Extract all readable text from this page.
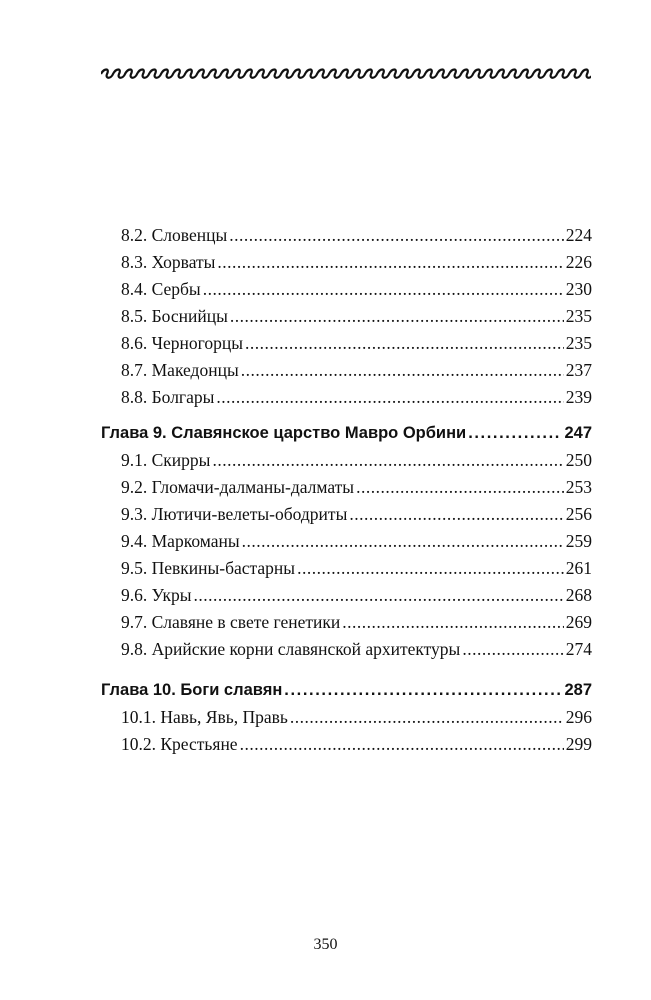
8.2. Словенцы .....	224
8.3. Хорваты .....	226
8.4. Сербы .....	230
8.5. Боснийцы .....	235
8.6. Черногорцы .....	235
8.7. Македонцы .....	237
8.8. Болгары .....	239
Глава 9. Славянское царство Мавро Орбини .....	247
9.1. Скирры .....	250
9.2. Гломачи-далманы-далматы .....	253
9.3. Лютичи-велеты-ободриты .....	256
9.4. Маркоманы .....	259
9.5. Певкины-бастарны .....	261
9.6. Укры .....	268
9.7. Славяне в свете генетики .....	269
9.8. Арийские корни славянской архитектуры .....	274
Глава 10. Боги славян .....	287
10.1. Навь, Явь, Правь .....	296
10.2. Крестьяне .....	299
350
